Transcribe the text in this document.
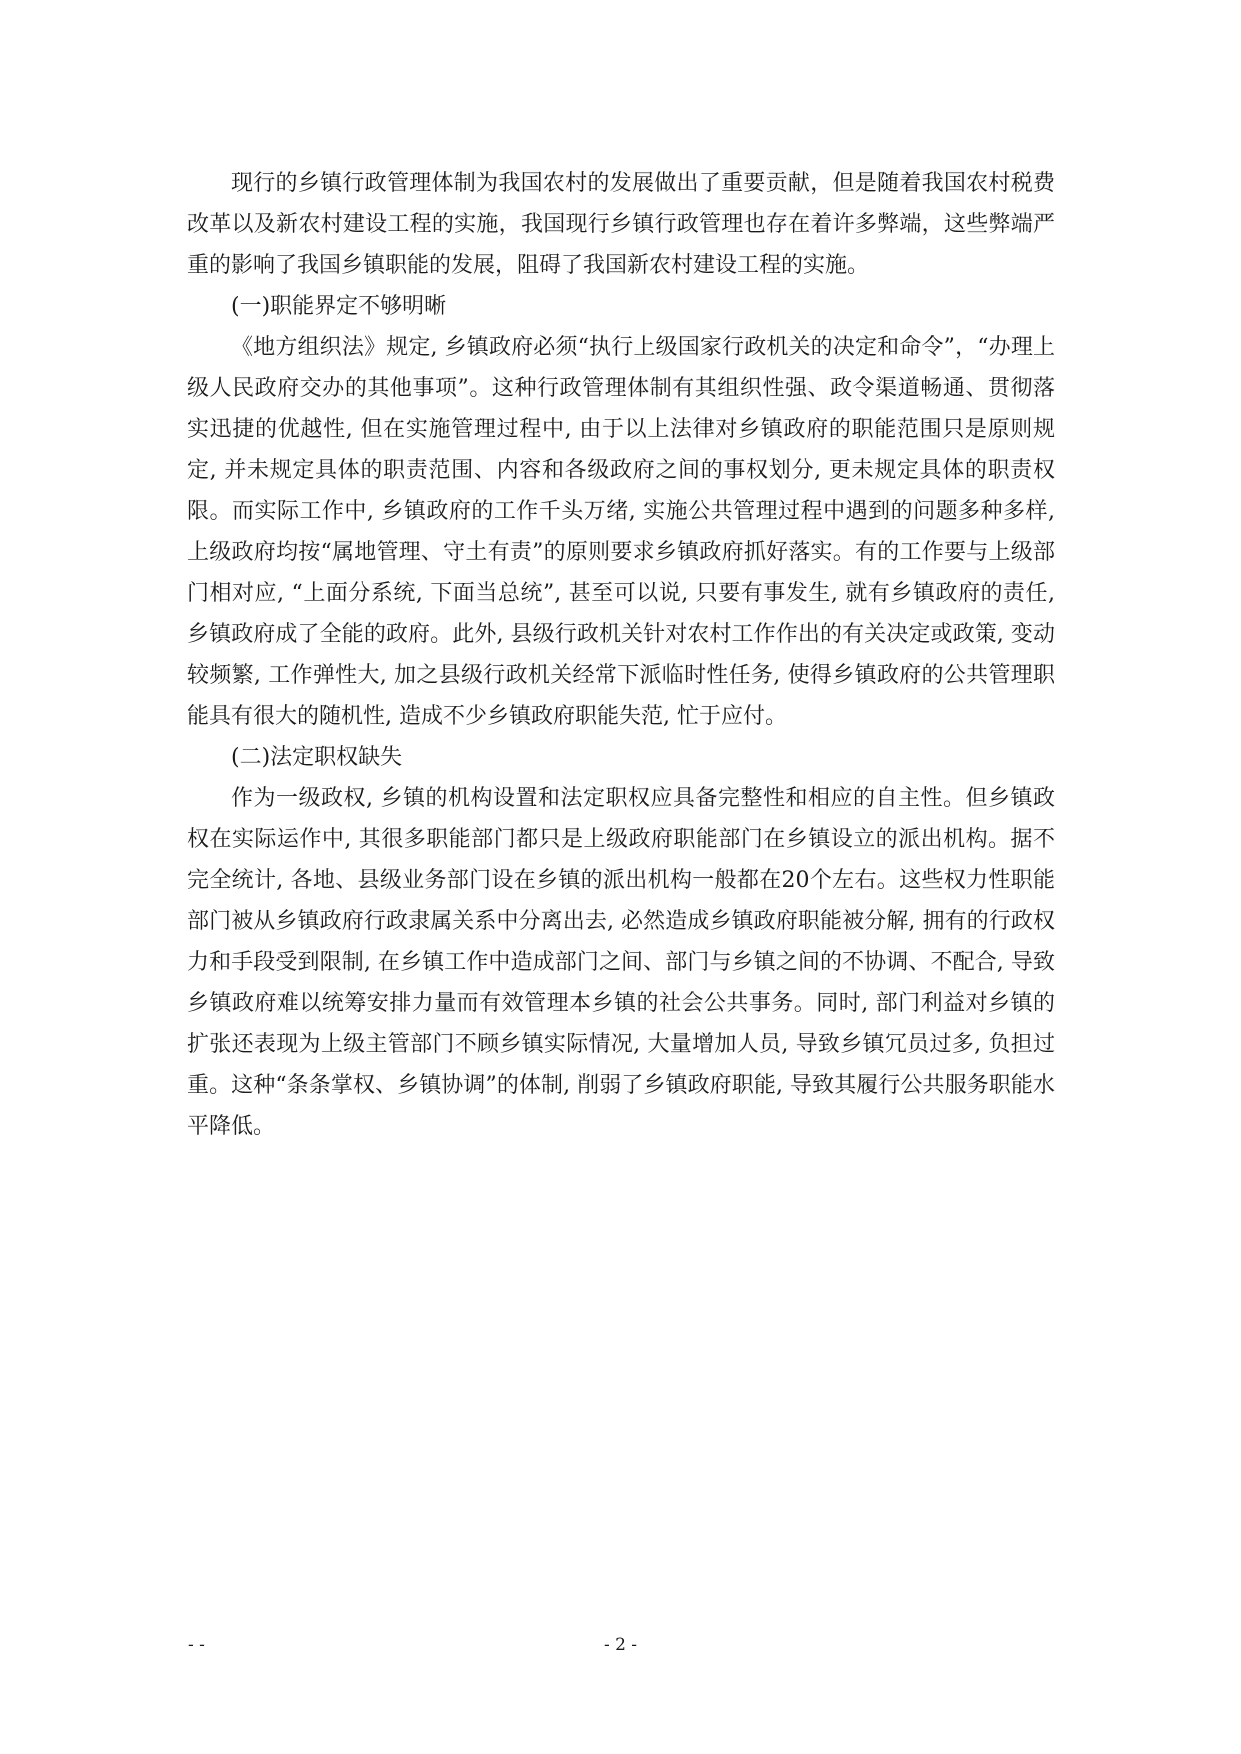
现行的乡镇行政管理体制为我国农村的发展做出了重要贡献，但是随着我国农村税费改革以及新农村建设工程的实施，我国现行乡镇行政管理也存在着许多弊端，这些弊端严重的影响了我国乡镇职能的发展，阻碍了我国新农村建设工程的实施。

(一)职能界定不够明晰

《地方组织法》规定, 乡镇政府必须“执行上级国家行政机关的决定和命令”，“办理上级人民政府交办的其他事项”。这种行政管理体制有其组织性强、政令渠道畅通、贯彻落实迅捷的优越性, 但在实施管理过程中, 由于以上法律对乡镇政府的职能范围只是原则规定, 并未规定具体的职责范围、内容和各级政府之间的事权划分, 更未规定具体的职责权限。而实际工作中, 乡镇政府的工作千头万绪, 实施公共管理过程中遇到的问题多种多样, 上级政府均按“属地管理、守土有责”的原则要求乡镇政府抓好落实。有的工作要与上级部门相对应, “上面分系统, 下面当总统”, 甚至可以说, 只要有事发生, 就有乡镇政府的责任, 乡镇政府成了全能的政府。此外, 县级行政机关针对农村工作作出的有关决定或政策, 变动较频繁, 工作弹性大, 加之县级行政机关经常下派临时性任务, 使得乡镇政府的公共管理职能具有很大的随机性, 造成不少乡镇政府职能失范, 忙于应付。

(二)法定职权缺失

作为一级政权, 乡镇的机构设置和法定职权应具备完整性和相应的自主性。但乡镇政权在实际运作中, 其很多职能部门都只是上级政府职能部门在乡镇设立的派出机构。据不完全统计, 各地、县级业务部门设在乡镇的派出机构一般都在20个左右。这些权力性职能部门被从乡镇政府行政隶属关系中分离出去, 必然造成乡镇政府职能被分解, 拥有的行政权力和手段受到限制, 在乡镇工作中造成部门之间、部门与乡镇之间的不协调、不配合, 导致乡镇政府难以统筹安排力量而有效管理本乡镇的社会公共事务。同时, 部门利益对乡镇的扩张还表现为上级主管部门不顾乡镇实际情况, 大量增加人员, 导致乡镇冗员过多, 负担过重。这种“条条掌权、乡镇协调”的体制, 削弱了乡镇政府职能, 导致其履行公共服务职能水平降低。

- -	- 2 -
